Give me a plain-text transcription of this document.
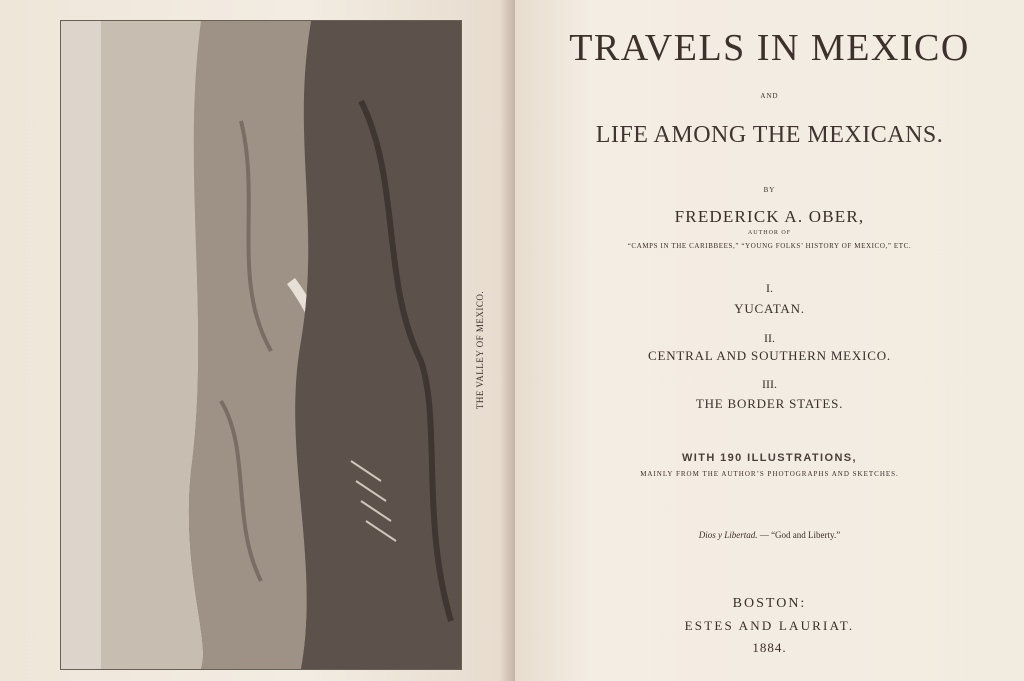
THE VALLEY OF MEXICO.
TRAVELS IN MEXICO
AND
LIFE AMONG THE MEXICANS.
BY
FREDERICK A. OBER,
AUTHOR OF
“CAMPS IN THE CARIBBEES,” “YOUNG FOLKS’ HISTORY OF MEXICO,” ETC.
I.
YUCATAN.
II.
CENTRAL AND SOUTHERN MEXICO.
III.
THE BORDER STATES.
WITH 190 ILLUSTRATIONS,
MAINLY FROM THE AUTHOR’S PHOTOGRAPHS AND SKETCHES.
Dios y Libertad. — “God and Liberty.”
BOSTON:
ESTES AND LAURIAT.
1884.
